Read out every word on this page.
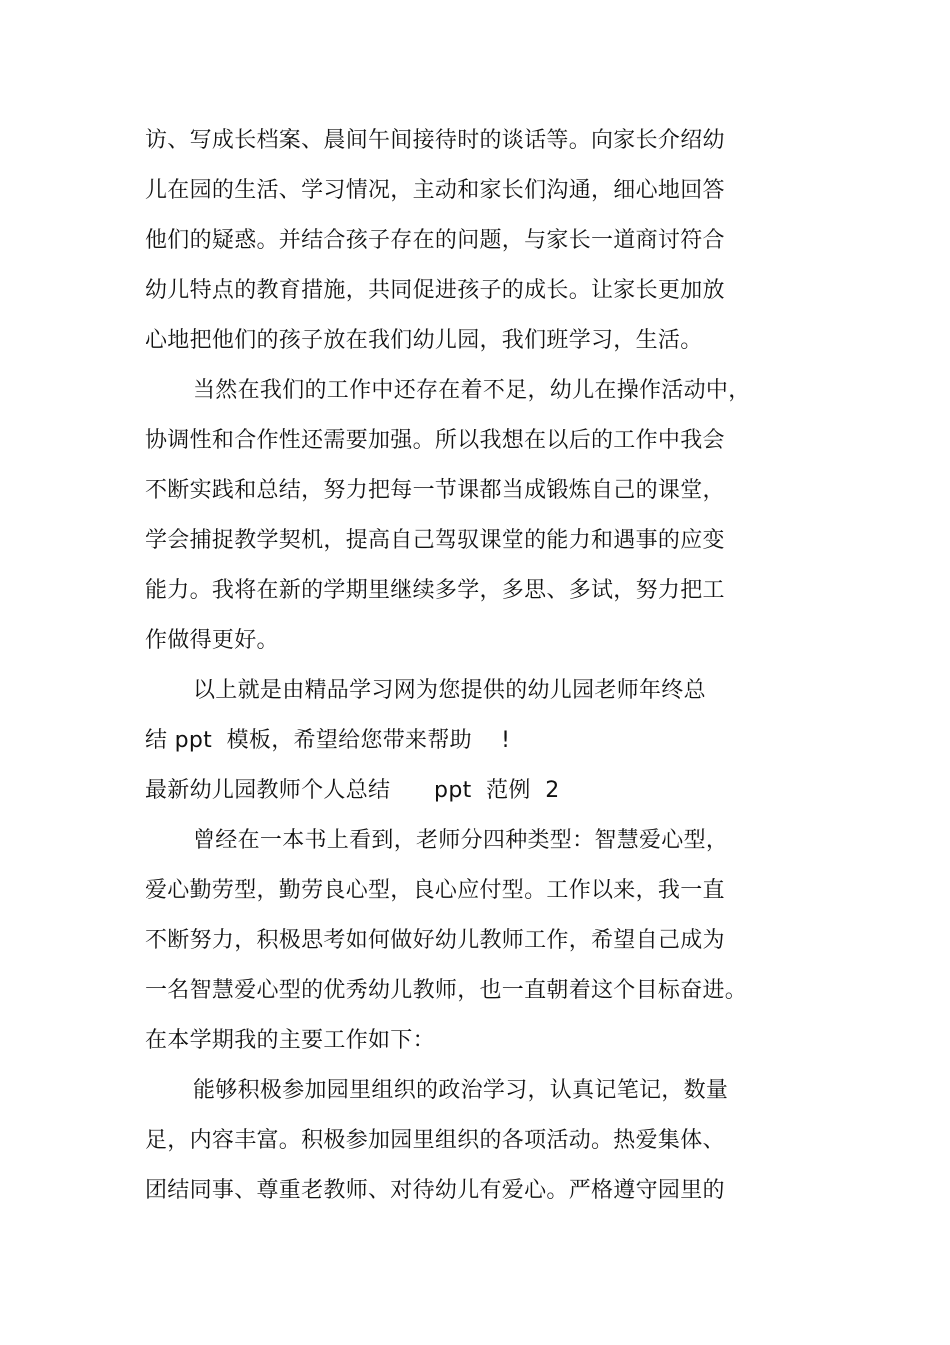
访、写成长档案、晨间午间接待时的谈话等。向家长介绍幼
儿在园的生活、学习情况，主动和家长们沟通，细心地回答
他们的疑惑。并结合孩子存在的问题，与家长一道商讨符合
幼儿特点的教育措施，共同促进孩子的成长。让家长更加放
心地把他们的孩子放在我们幼儿园，我们班学习，生活。
当然在我们的工作中还存在着不足，幼儿在操作活动中，
协调性和合作性还需要加强。所以我想在以后的工作中我会
不断实践和总结，努力把每一节课都当成锻炼自己的课堂，
学会捕捉教学契机，提高自己驾驭课堂的能力和遇事的应变
能力。我将在新的学期里继续多学，多思、多试，努力把工
作做得更好。
以上就是由精品学习网为您提供的幼儿园老师年终总
结 ppt  模板，希望给您带来帮助    !
最新幼儿园教师个人总结      ppt  范例  2
曾经在一本书上看到，老师分四种类型：智慧爱心型，
爱心勤劳型，勤劳良心型，良心应付型。工作以来，我一直
不断努力，积极思考如何做好幼儿教师工作，希望自己成为
一名智慧爱心型的优秀幼儿教师，也一直朝着这个目标奋进。
在本学期我的主要工作如下：
能够积极参加园里组织的政治学习，认真记笔记，数量
足，内容丰富。积极参加园里组织的各项活动。热爱集体、
团结同事、尊重老教师、对待幼儿有爱心。严格遵守园里的
